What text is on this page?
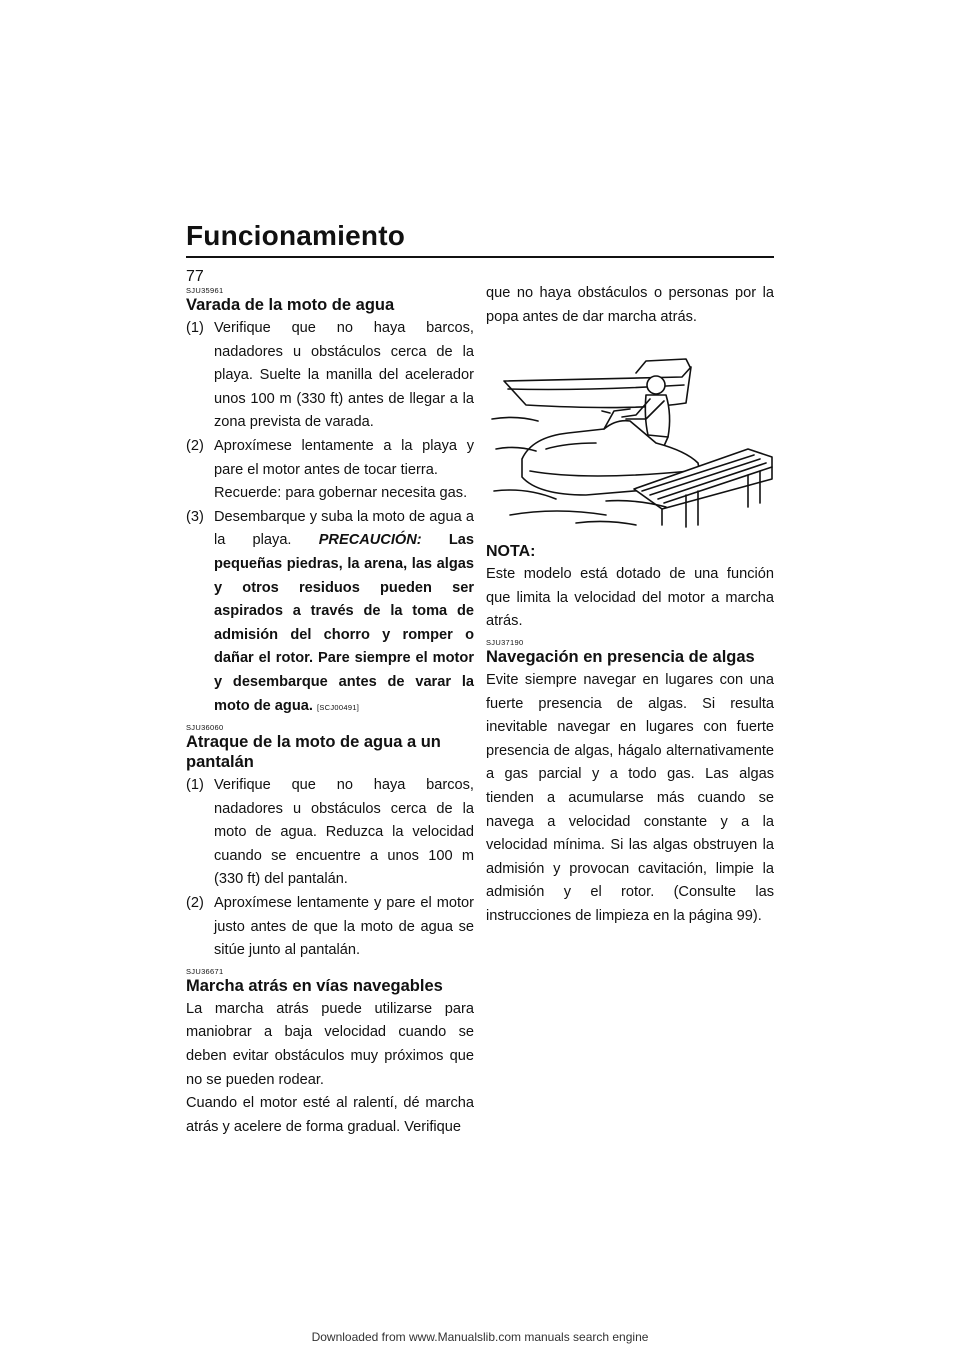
Funcionamiento
77
SJU35961
Varada de la moto de agua
(1) Verifique que no haya barcos, nadadores u obstáculos cerca de la playa. Suelte la manilla del acelerador unos 100 m (330 ft) antes de llegar a la zona prevista de varada.
(2) Aproxímese lentamente a la playa y pare el motor antes de tocar tierra.
Recuerde: para gobernar necesita gas.
(3) Desembarque y suba la moto de agua a la playa. PRECAUCIÓN: Las pequeñas piedras, la arena, las algas y otros residuos pueden ser aspirados a través de la toma de admisión del chorro y romper o dañar el rotor. Pare siempre el motor y desembarque antes de varar la moto de agua. [SCJ00491]
SJU36060
Atraque de la moto de agua a un pantalán
(1) Verifique que no haya barcos, nadadores u obstáculos cerca de la moto de agua. Reduzca la velocidad cuando se encuentre a unos 100 m (330 ft) del pantalán.
(2) Aproxímese lentamente y pare el motor justo antes de que la moto de agua se sitúe junto al pantalán.
SJU36671
Marcha atrás en vías navegables

La marcha atrás puede utilizarse para maniobrar a baja velocidad cuando se deben evitar obstáculos muy próximos que no se pueden rodear.

Cuando el motor esté al ralentí, dé marcha atrás y acelere de forma gradual. Verifique

que no haya obstáculos o personas por la popa antes de dar marcha atrás.

NOTA:

Este modelo está dotado de una función que limita la velocidad del motor a marcha atrás.

SJU37190
Navegación en presencia de algas

Evite siempre navegar en lugares con una fuerte presencia de algas. Si resulta inevitable navegar en lugares con fuerte presencia de algas, hágalo alternativamente a gas parcial y a todo gas. Las algas tienden a acumularse más cuando se navega a velocidad constante y a la velocidad mínima. Si las algas obstruyen la admisión y provocan cavitación, limpie la admisión y el rotor. (Consulte las instrucciones de limpieza en la página 99).

Downloaded from www.Manualslib.com manuals search engine
